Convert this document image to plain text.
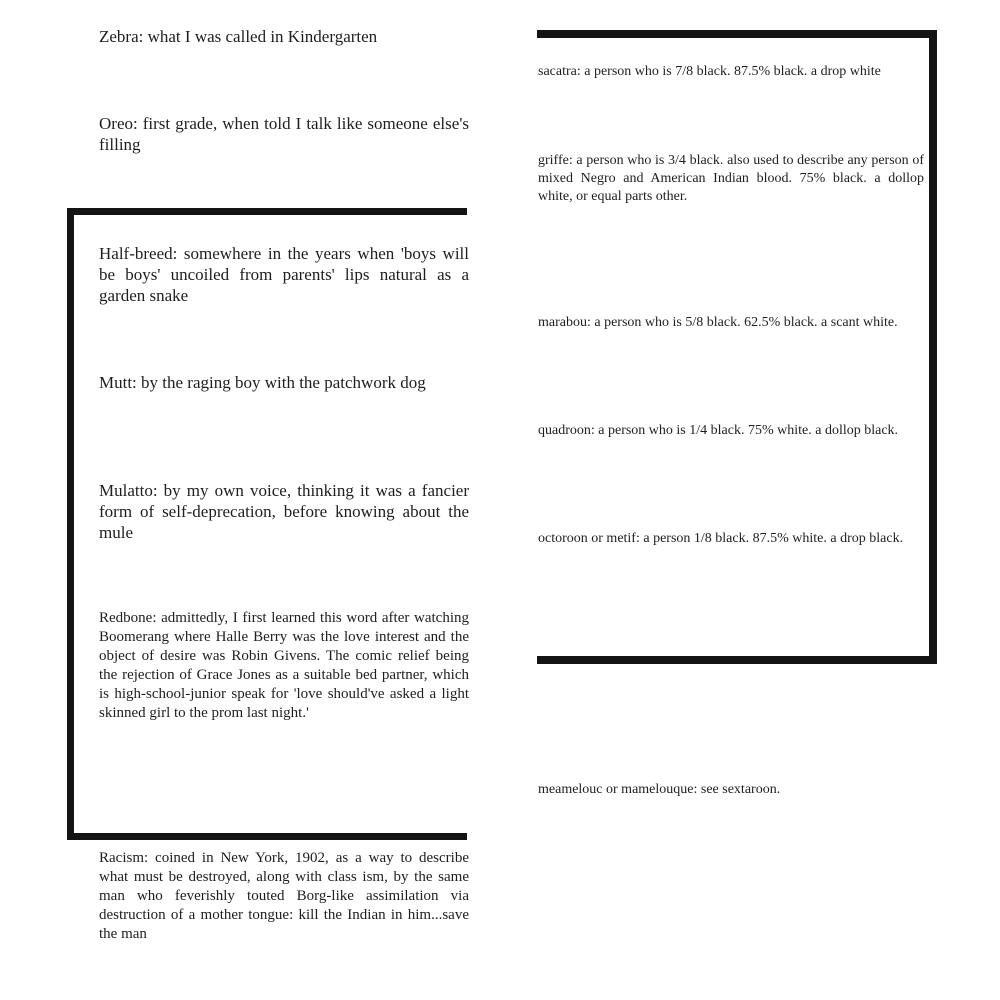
Zebra: what I was called in Kindergarten

Oreo: first grade, when told I talk like someone else's filling

Half-breed: somewhere in the years when 'boys will be boys' uncoiled from parents' lips natural as a garden snake

Mutt: by the raging boy with the patchwork dog

Mulatto: by my own voice, thinking it was a fancier form of self-deprecation, before knowing about the mule

Redbone: admittedly, I first learned this word after watching Boomerang where Halle Berry was the love interest and the object of desire was Robin Givens. The comic relief being the rejection of Grace Jones as a suitable bed partner, which is high-school-junior speak for 'love should've asked a light skinned girl to the prom last night.'

Racism: coined in New York, 1902, as a way to describe what must be destroyed, along with class ism, by the same man who feverishly touted Borg-like assimilation via destruction of a mother tongue: kill the Indian in him...save the man

sacatra: a person who is 7/8 black. 87.5% black. a drop white

griffe: a person who is 3/4 black. also used to describe any person of mixed Negro and American Indian blood. 75% black. a dollop white, or equal parts other.

marabou: a person who is 5/8 black. 62.5% black. a scant white.

quadroon: a person who is 1/4 black. 75% white. a dollop black.

octoroon or metif: a person 1/8 black. 87.5% white. a drop black.

meamelouc or mamelouque: see sextaroon.
